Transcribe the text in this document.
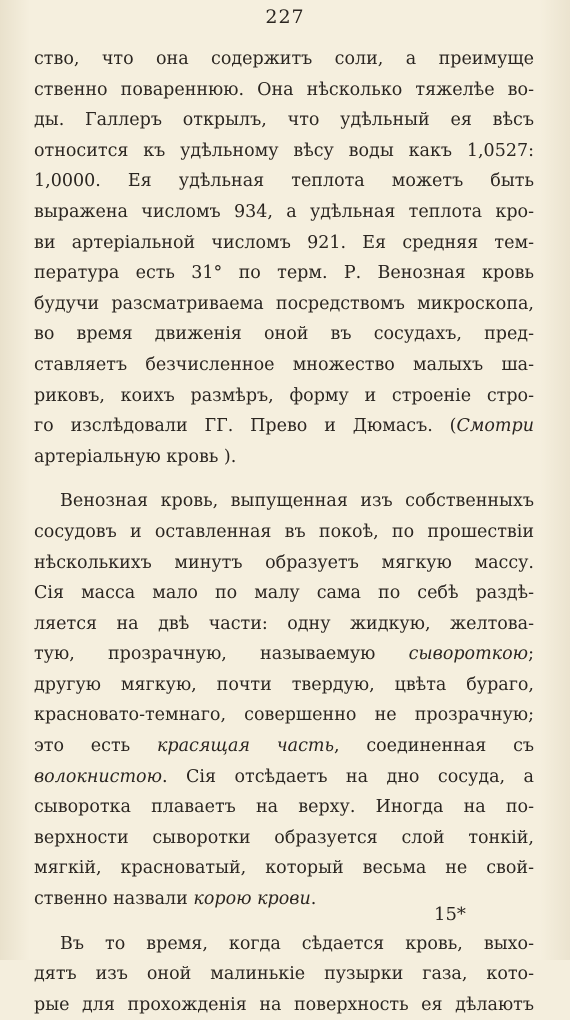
227
ство, что она содержитъ соли, а преимуще
ственно повареннюю. Она нѣсколько тяжелѣе во-
ды. Галлеръ открылъ, что удѣльный ея вѣсъ
относится къ удѣльному вѣсу воды какъ 1,0527:
1,0000. Ея удѣльная теплота можетъ быть
выражена числомъ 934, а удѣльная теплота кро-
ви артеріальной числомъ 921. Ея средняя тем-
пература есть 31° по терм. Р. Венозная кровь
будучи разсматриваема посредствомъ микроскопа,
во время движенія оной въ сосудахъ, пред-
ставляетъ безчисленное множество малыхъ ша-
риковъ, коихъ размѣръ, форму и строеніе стро-
го изслѣдовали ГГ. Прево и Дюмасъ. (Смотри
артеріальную кровь ).
Венозная кровь, выпущенная изъ собственныхъ
сосудовъ и оставленная въ покоѣ, по прошествіи
нѣсколькихъ минутъ образуетъ мягкую массу.
Сія масса мало по малу сама по себѣ раздѣ-
ляется на двѣ части: одну жидкую, желтова-
тую, прозрачную, называемую сывороткою;
другую мягкую, почти твердую, цвѣта бураго,
красноватo-темнаго, совершенно не прозрачную;
это есть красящая часть, соединенная съ
волокнистою. Сія отсѣдаетъ на дно сосуда, а
сыворотка плаваетъ на верху. Иногда на по-
верхности сыворотки образуется слой тонкій,
мягкій, красноватый, который весьма не свой-
ственно назвали корою крови.
Въ то время, когда сѣдается кровь, выхо-
дятъ изъ оной малинькіе пузырки газа, кото-
рые для прохожденія на поверхность ея дѣлаютъ
15*
